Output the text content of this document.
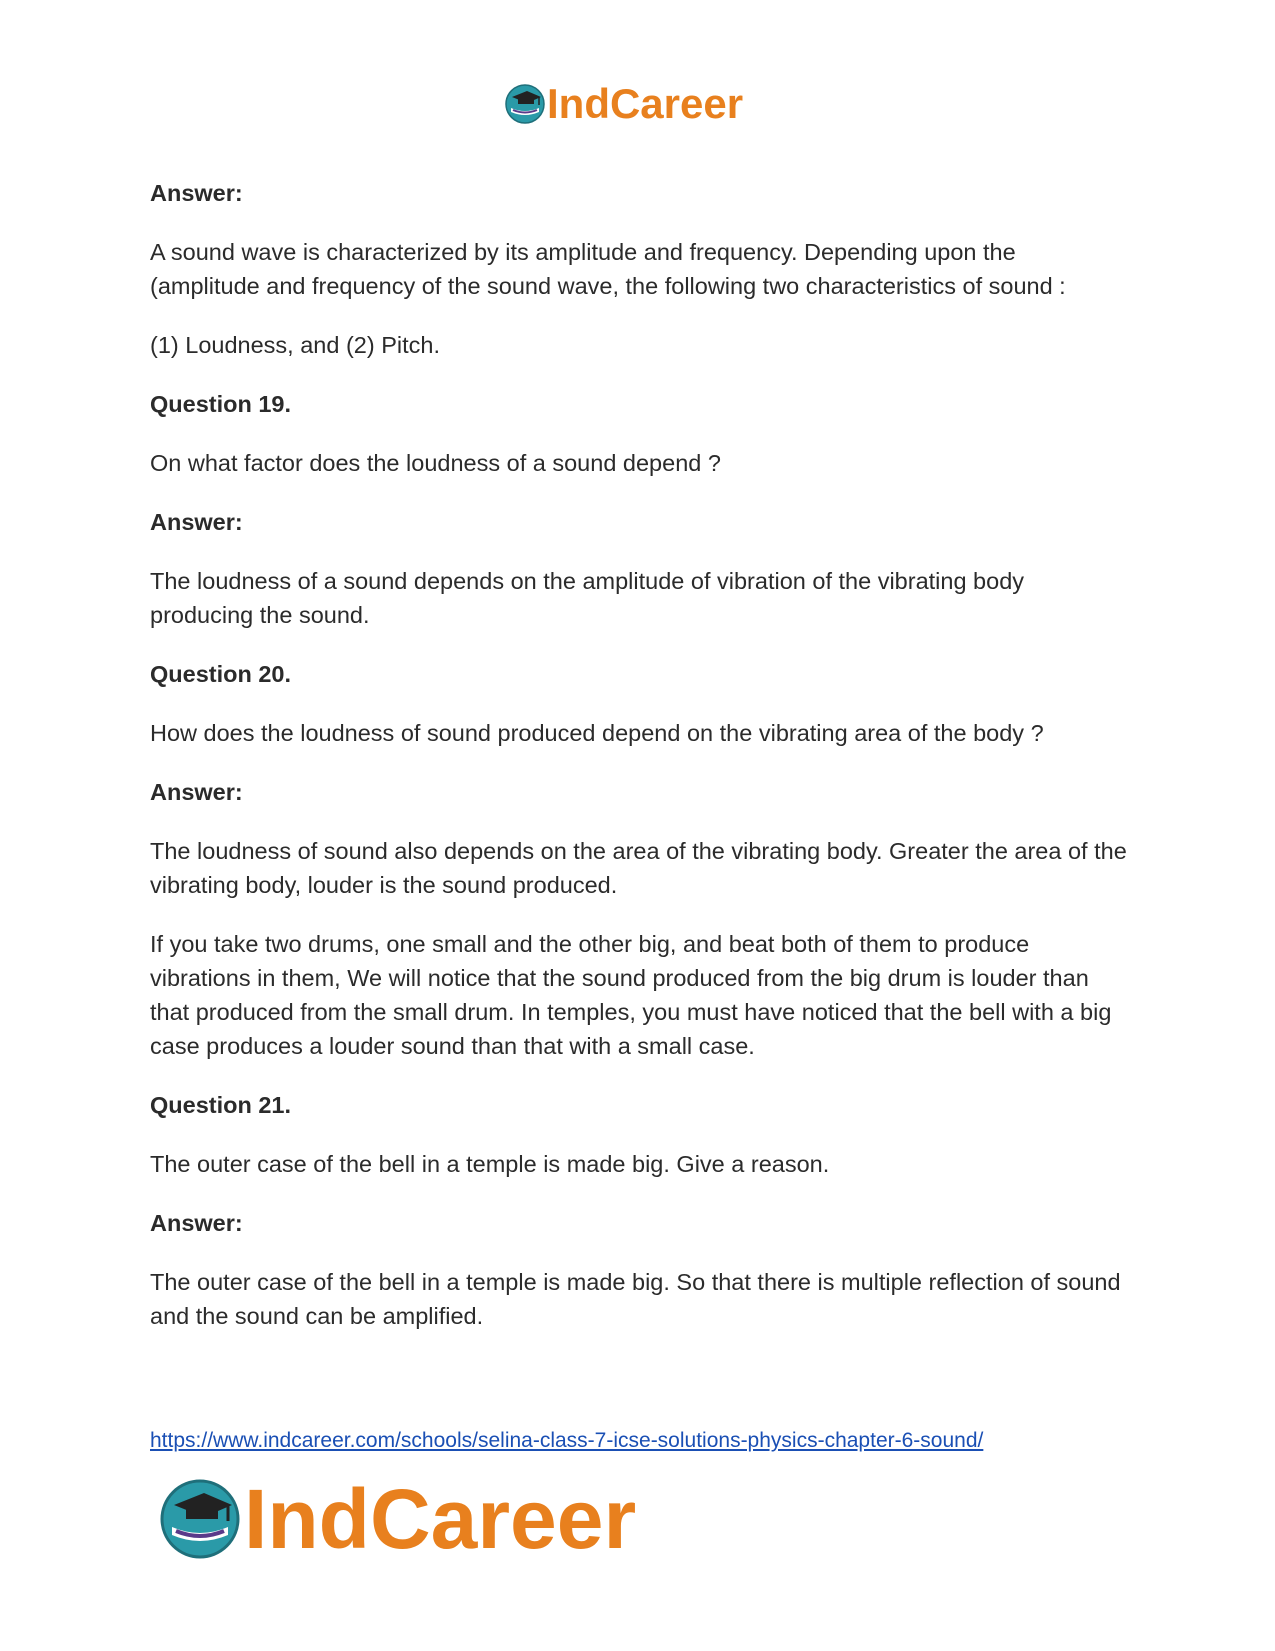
IndCareer

Answer:

A sound wave is characterized by its amplitude and frequency. Depending upon the (amplitude and frequency of the sound wave, the following two characteristics of sound :

(1) Loudness, and (2) Pitch.

Question 19.

On what factor does the loudness of a sound depend ?

Answer:

The loudness of a sound depends on the amplitude of vibration of the vibrating body producing the sound.

Question 20.

How does the loudness of sound produced depend on the vibrating area of the body ?

Answer:

The loudness of sound also depends on the area of the vibrating body. Greater the area of the vibrating body, louder is the sound produced.

If you take two drums, one small and the other big, and beat both of them to produce vibrations in them, We will notice that the sound produced from the big drum is louder than that produced from the small drum. In temples, you must have noticed that the bell with a big case produces a louder sound than that with a small case.

Question 21.

The outer case of the bell in a temple is made big. Give a reason.

Answer:

The outer case of the bell in a temple is made big. So that there is multiple reflection of sound and the sound can be amplified.

https://www.indcareer.com/schools/selina-class-7-icse-solutions-physics-chapter-6-sound/
IndCareer
